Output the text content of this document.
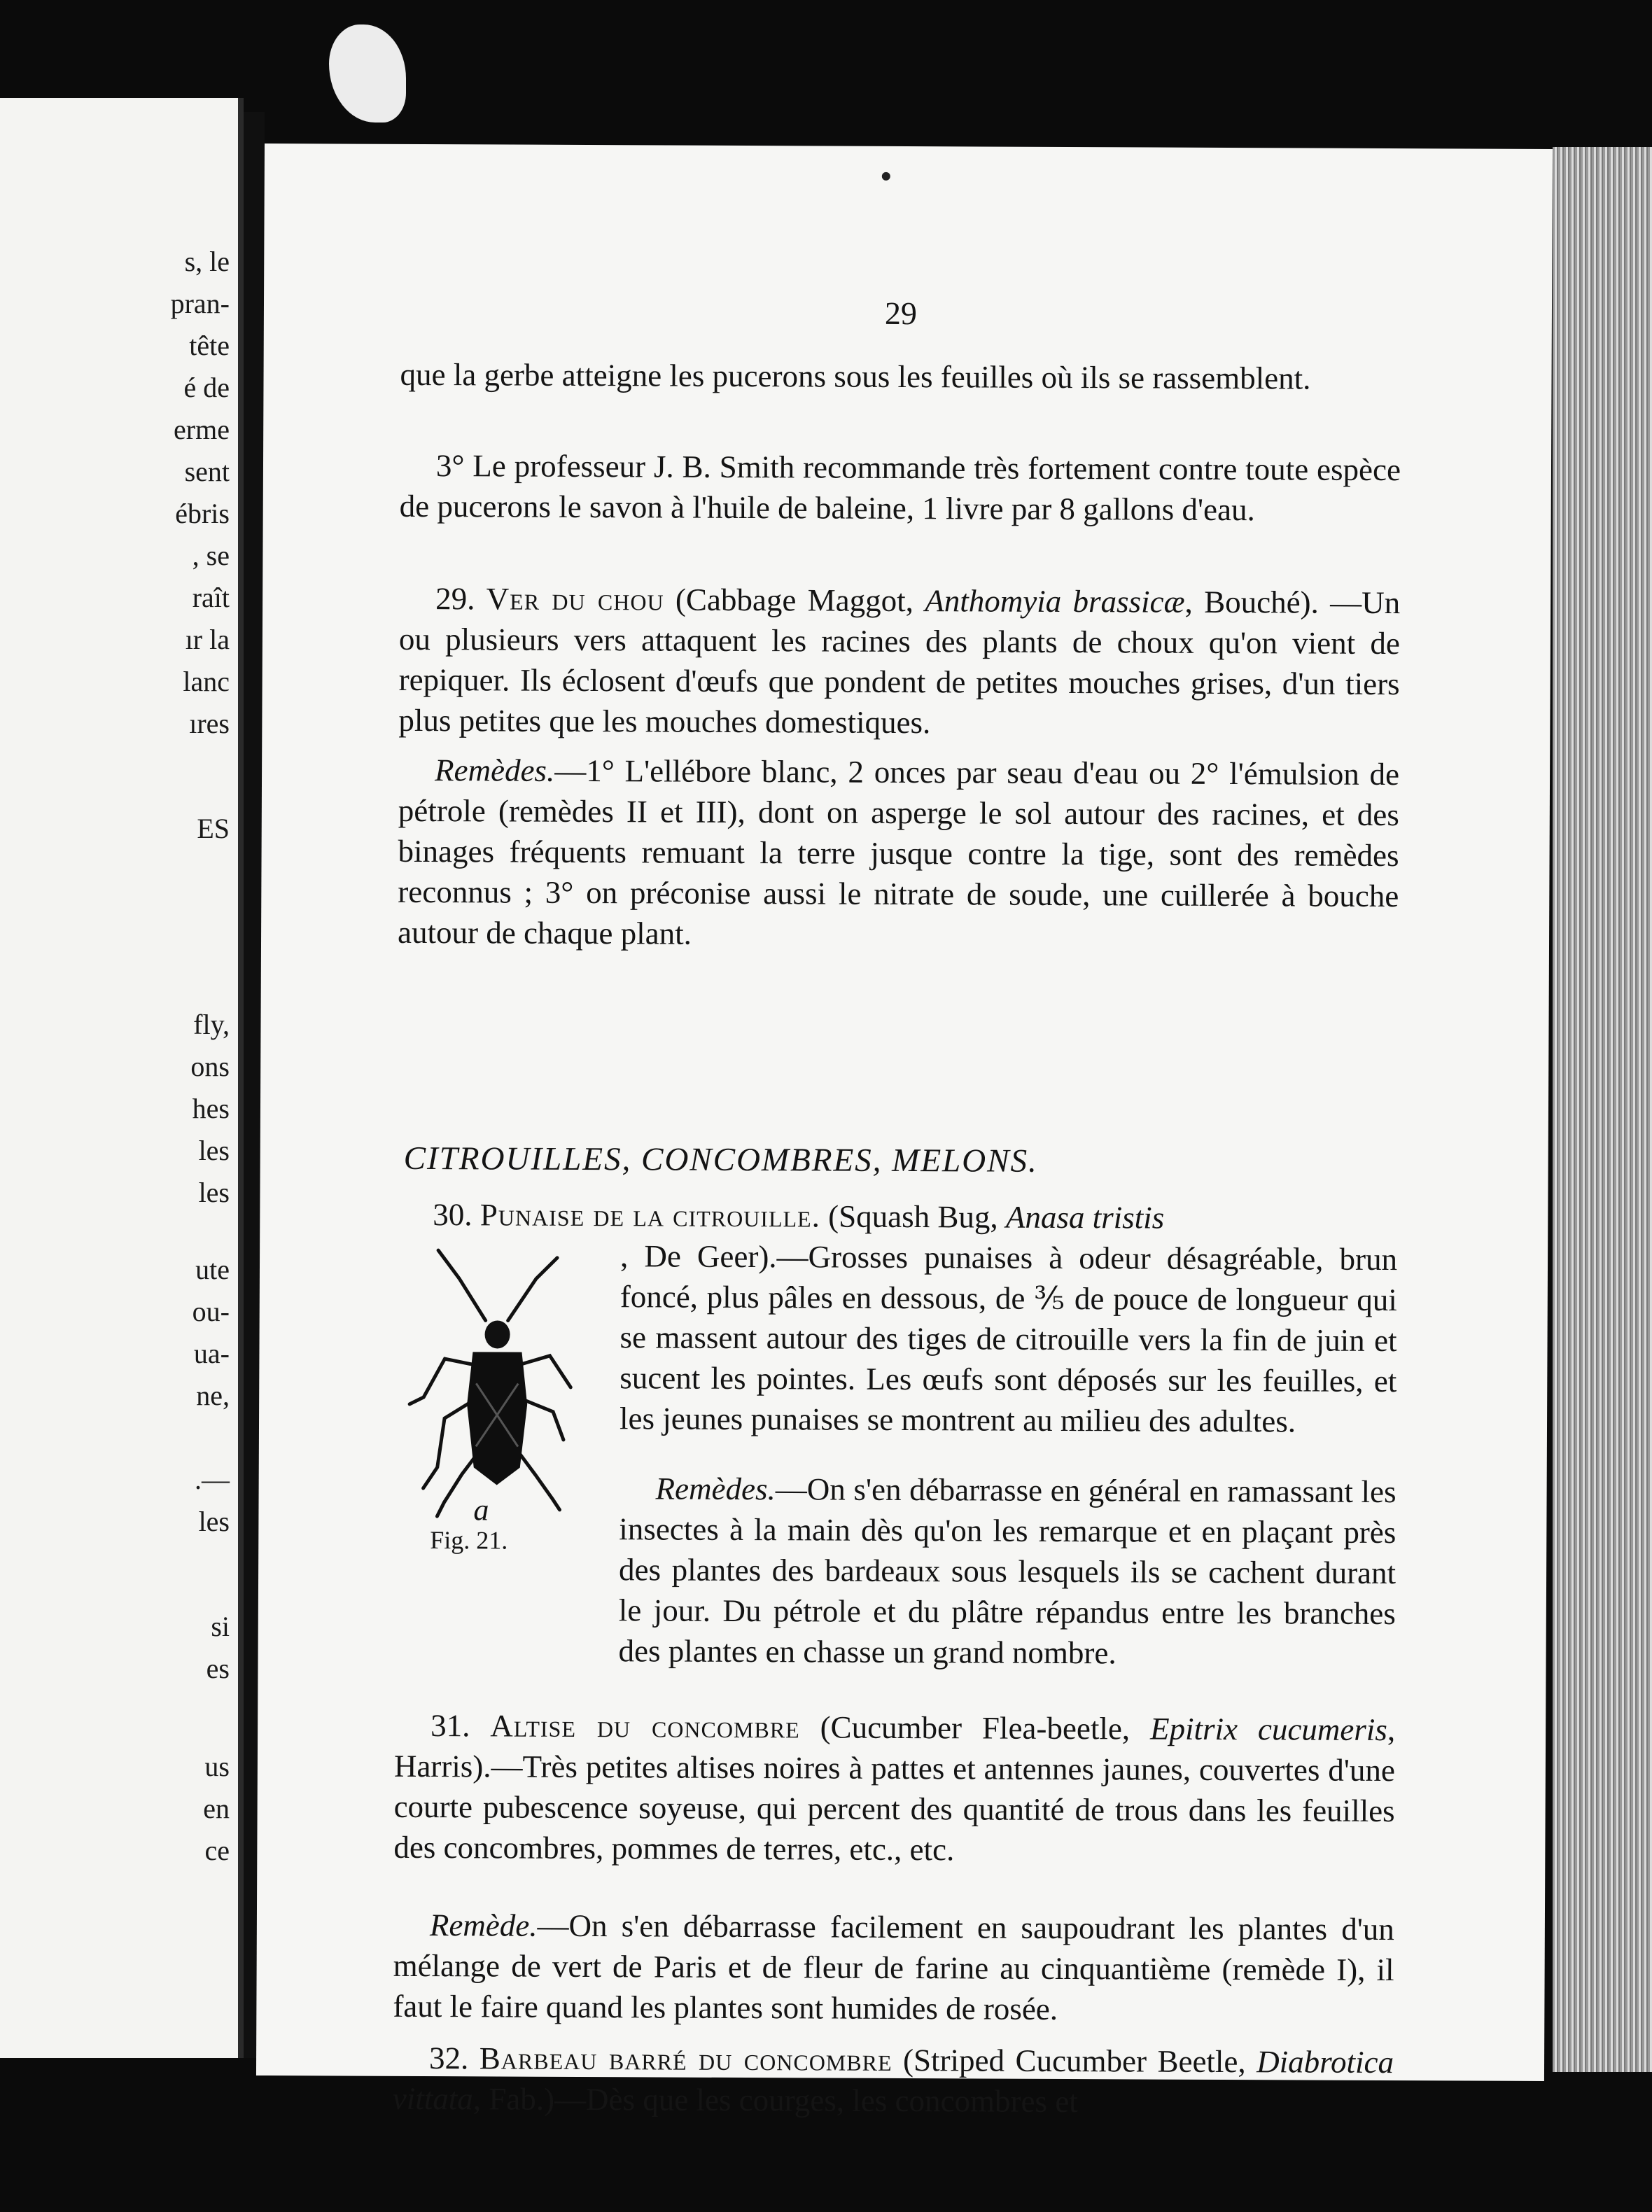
s, le
pran-
tête
é de
erme
sent
ébris
, se
raît
ır la
lanc
ıres
ES
fly,
ons
hes
les
les
ute
ou-
ua-
ne,
.—
les
si
es
us
en
ce
29
que la gerbe atteigne les pucerons sous les feuilles où ils se rassemblent.
3° Le professeur J. B. Smith recommande très fortement contre toute espèce de pucerons le savon à l'huile de baleine, 1 livre par 8 gallons d'eau.
29. Ver du chou (Cabbage Maggot, Anthomyia brassicæ, Bouché). —Un ou plusieurs vers attaquent les racines des plants de choux qu'on vient de repiquer. Ils éclosent d'œufs que pondent de petites mouches grises, d'un tiers plus petites que les mouches domestiques.
Remèdes.—1° L'ellébore blanc, 2 onces par seau d'eau ou 2° l'émulsion de pétrole (remèdes II et III), dont on asperge le sol autour des racines, et des binages fréquents remuant la terre jusque contre la tige, sont des remèdes reconnus ; 3° on préconise aussi le nitrate de soude, une cuillerée à bouche autour de chaque plant.
CITROUILLES, CONCOMBRES, MELONS.
30. Punaise de la citrouille. (Squash Bug, Anasa tristis
, De Geer).—Grosses punaises à odeur désagréable, brun foncé, plus pâles en dessous, de ⅗ de pouce de longueur qui se massent autour des tiges de citrouille vers la fin de juin et sucent les pointes. Les œufs sont déposés sur les feuilles, et les jeunes punaises se montrent au milieu des adultes.
a
Remèdes.—On s'en débarrasse en général en ramassant les insectes à la main dès qu'on les remarque et en plaçant près des plantes des bardeaux sous lesquels ils se cachent durant le jour. Du pétrole et du plâtre répandus entre les branches des plantes en chasse un grand nombre.
Fig. 21.
31. Altise du concombre (Cucumber Flea-beetle, Epitrix cucumeris, Harris).—Très petites altises noires à pattes et antennes jaunes, couvertes d'une courte pubescence soyeuse, qui percent des quantité de trous dans les feuilles des concombres, pommes de terres, etc., etc.
Remède.—On s'en débarrasse facilement en saupoudrant les plantes d'un mélange de vert de Paris et de fleur de farine au cinquantième (remède I), il faut le faire quand les plantes sont humides de rosée.
32. Barbeau barré du concombre (Striped Cucumber Beetle, Diabrotica vittata, Fab.)—Dès que les courges, les concombres et
